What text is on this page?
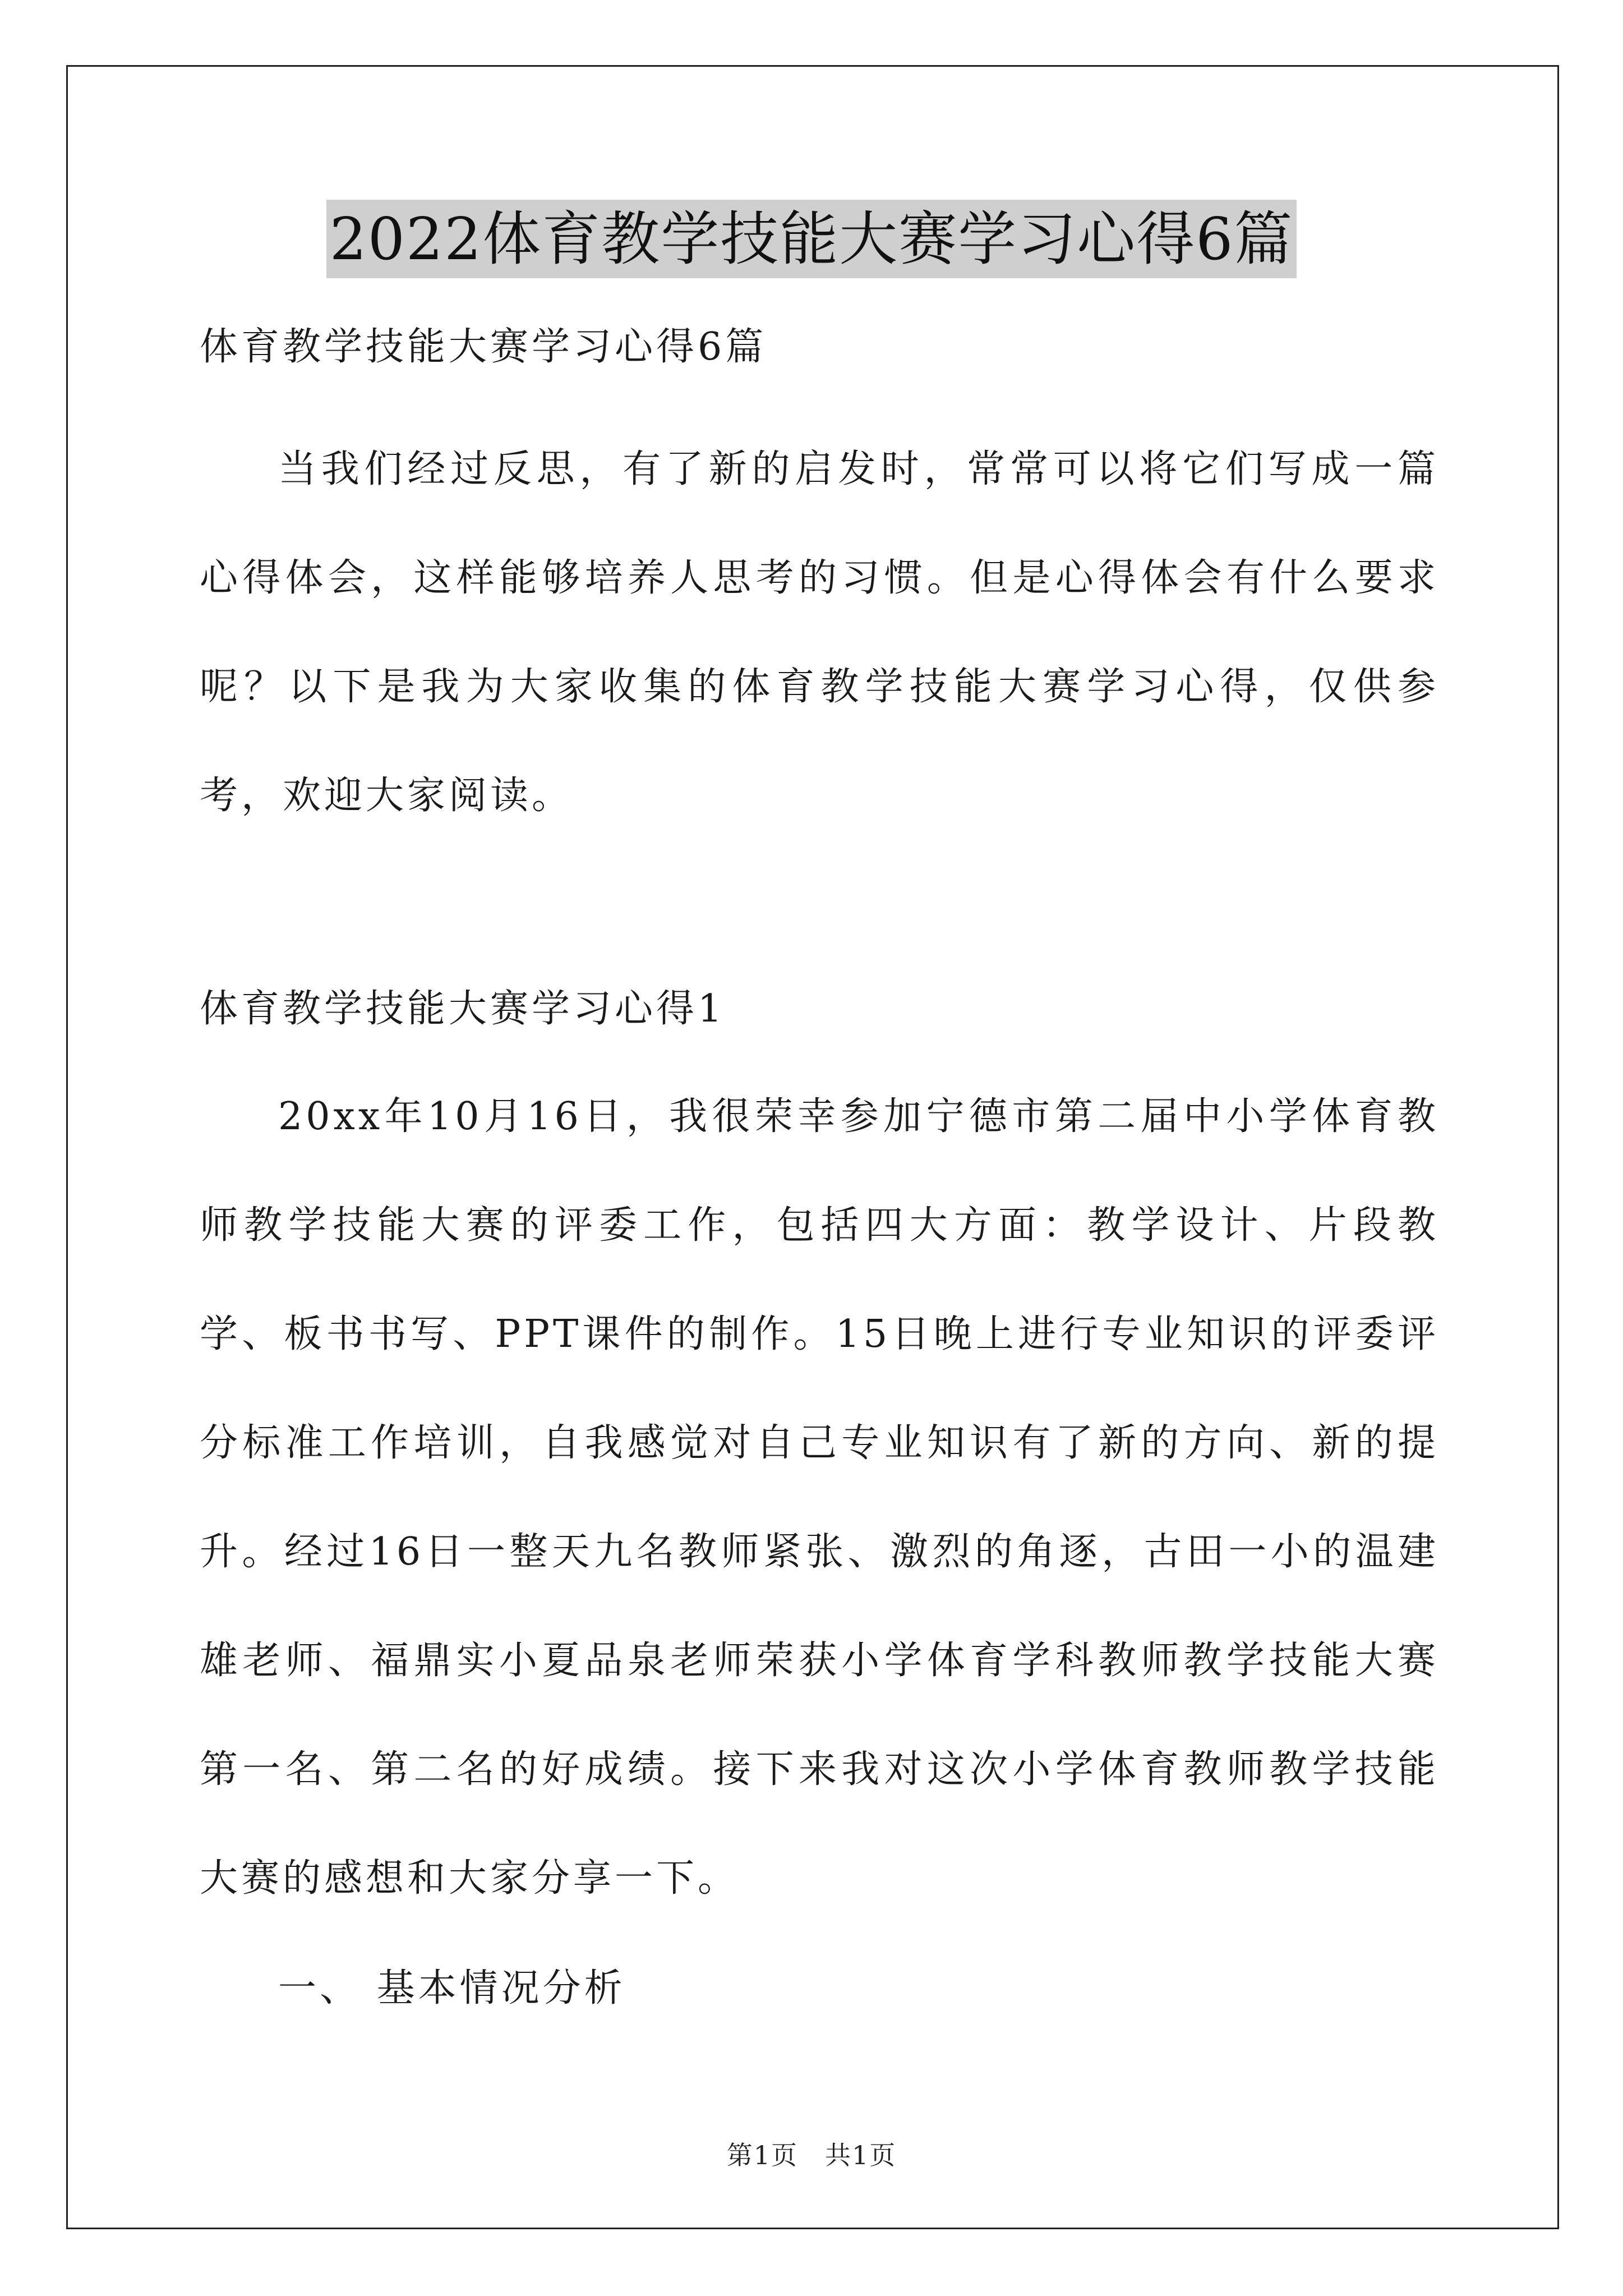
2022体育教学技能大赛学习心得6篇
体育教学技能大赛学习心得6篇
当我们经过反思，有了新的启发时，常常可以将它们写成一篇心得体会，这样能够培养人思考的习惯。但是心得体会有什么要求呢？以下是我为大家收集的体育教学技能大赛学习心得，仅供参考，欢迎大家阅读。
体育教学技能大赛学习心得1
20xx年10月16日，我很荣幸参加宁德市第二届中小学体育教师教学技能大赛的评委工作，包括四大方面：教学设计、片段教学、板书书写、PPT课件的制作。15日晚上进行专业知识的评委评分标准工作培训，自我感觉对自己专业知识有了新的方向、新的提升。经过16日一整天九名教师紧张、激烈的角逐，古田一小的温建雄老师、福鼎实小夏品泉老师荣获小学体育学科教师教学技能大赛第一名、第二名的好成绩。接下来我对这次小学体育教师教学技能大赛的感想和大家分享一下。
一、 基本情况分析
第1页　共1页
